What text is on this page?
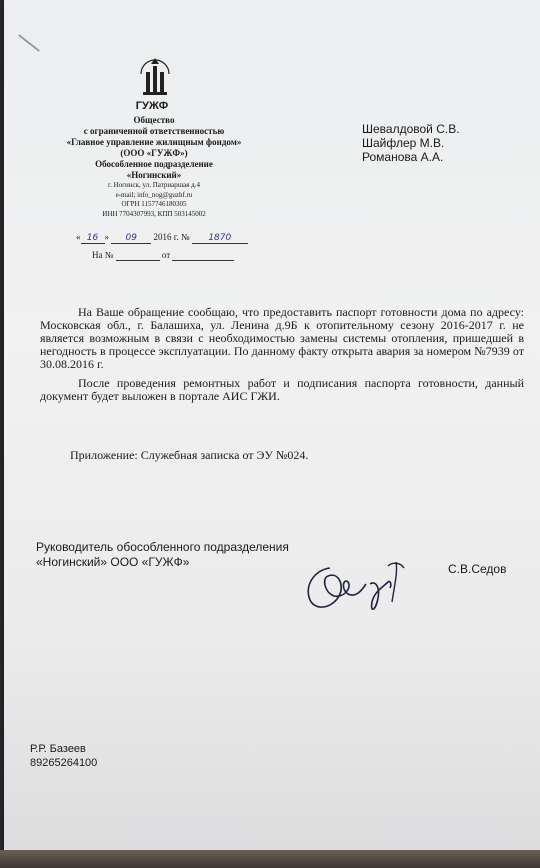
ГУЖФ
Общество
с ограниченной ответственностью
«Главное управление жилищным фондом»
(ООО «ГУЖФ»)
Обособленное подразделение
«Ногинский»
г. Ногинск, ул. Патриаршая д.4
e-mail; info_nog@guzhf.ru
ОГРН 1157746180305
ИНН 7704307993, КПП 503145002
« 16 » 09 2016 г. № 1870
На №	от
Шевалдовой С.В.
Шайфлер М.В.
Романова А.А.

На Ваше обращение сообщаю, что предоставить паспорт готовности дома по адресу: Московская обл., г. Балашиха, ул. Ленина д.9Б к отопительному сезону 2016-2017 г. не является возможным в связи с необходимостью замены системы отопления, пришедшей в негодность в процессе эксплуатации. По данному факту открыта авария за номером №7939 от 30.08.2016 г.

После проведения ремонтных работ и подписания паспорта готовности, данный документ будет выложен в портале АИС ГЖИ.

Приложение: Служебная записка от ЭУ №024.
Руководитель обособленного подразделения
«Ногинский» ООО «ГУЖФ»	С.В.Седов
Р.Р. Базеев
89265264100
